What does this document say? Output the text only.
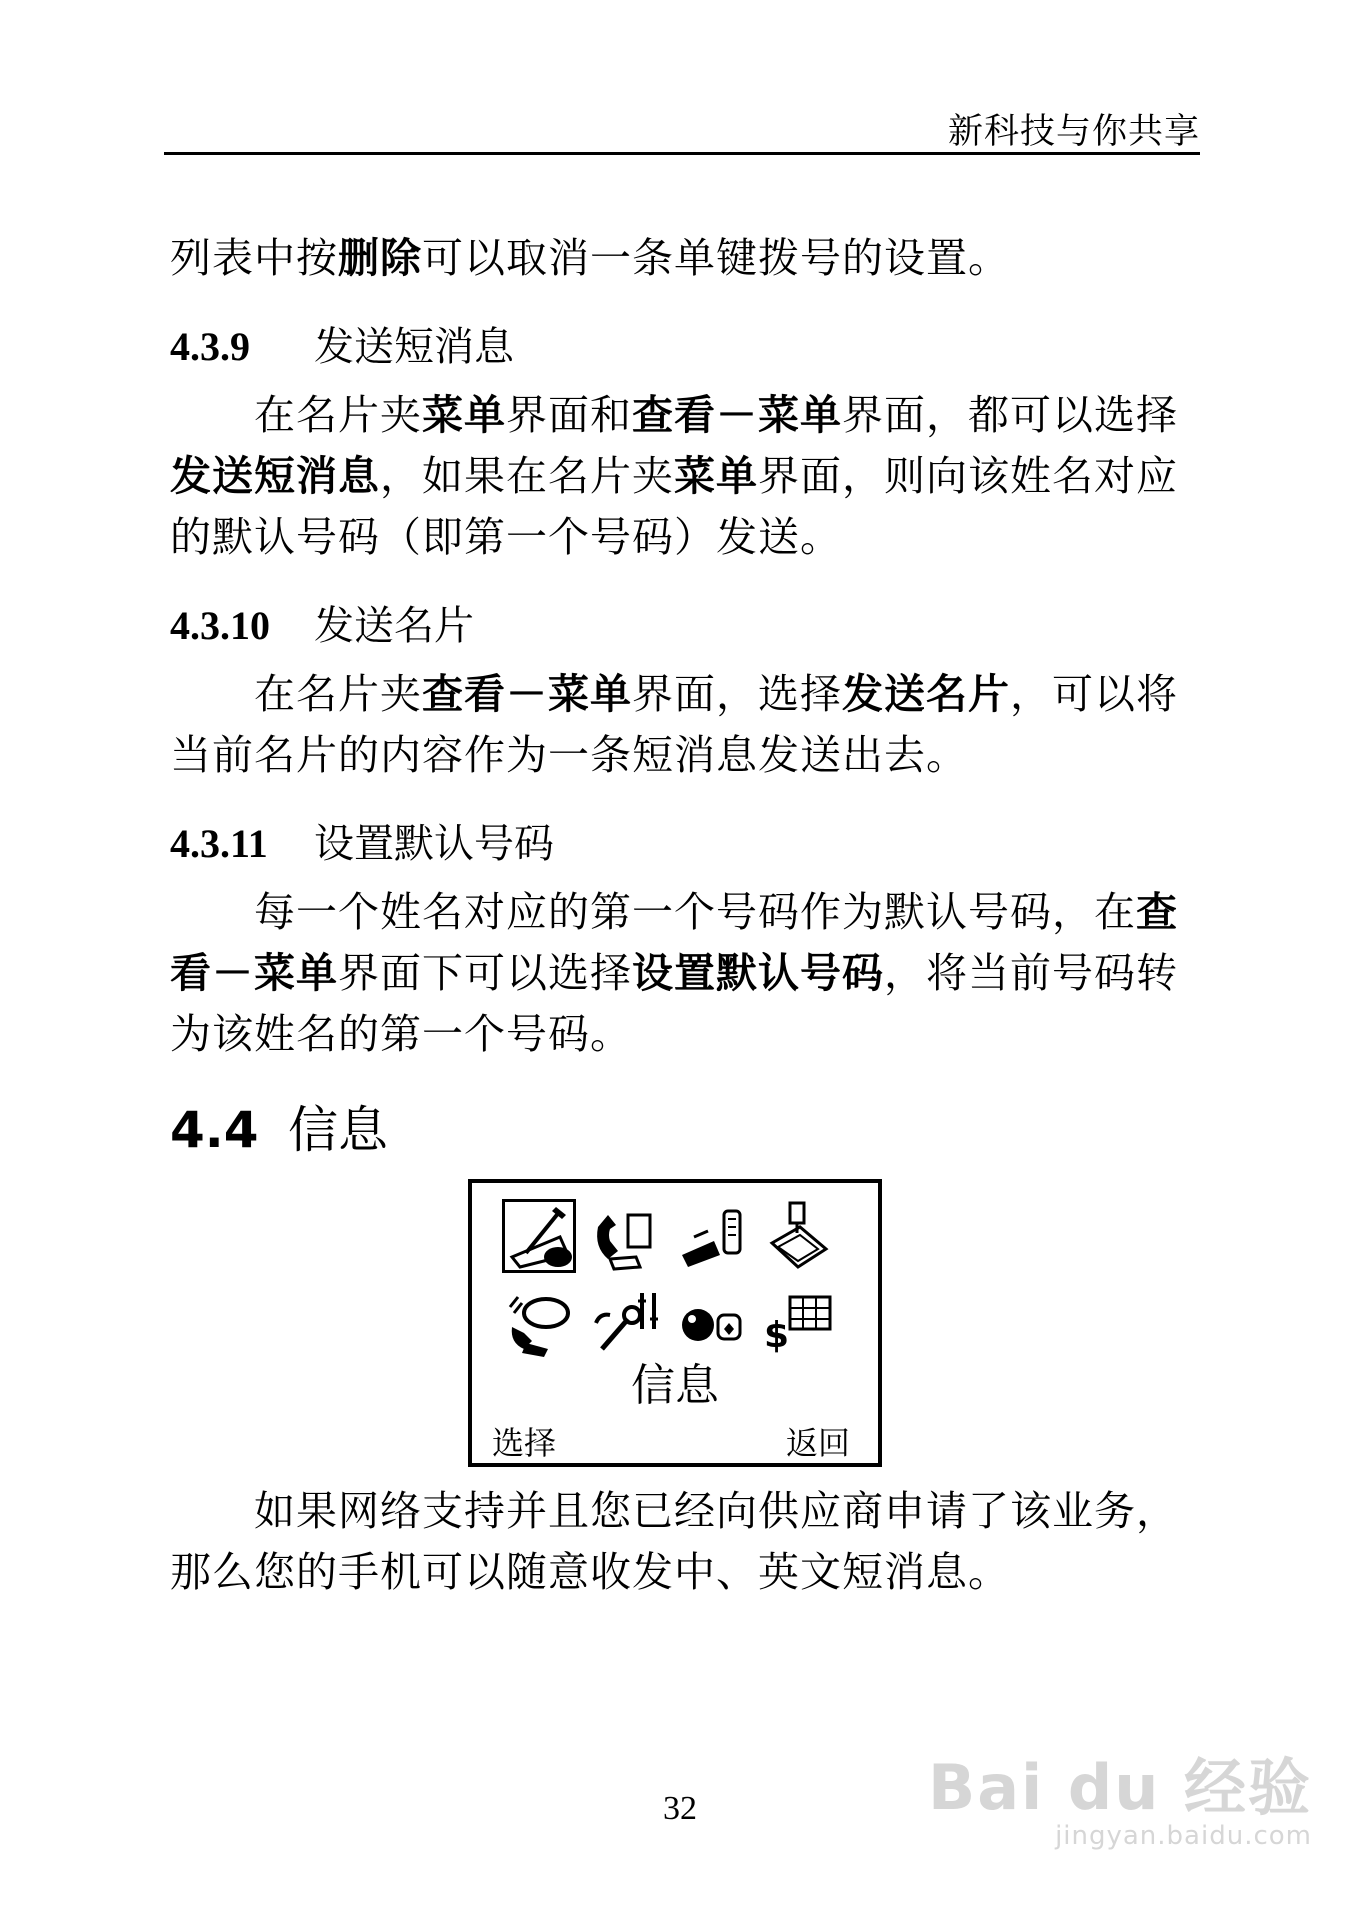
新科技与你共享

列表中按删除可以取消一条单键拨号的设置。

4.3.9 发送短消息

在名片夹菜单界面和查看－菜单界面，都可以选择发送短消息，如果在名片夹菜单界面，则向该姓名对应的默认号码（即第一个号码）发送。

4.3.10 发送名片

在名片夹查看－菜单界面，选择发送名片，可以将当前名片的内容作为一条短消息发送出去。

4.3.11 设置默认号码

每一个姓名对应的第一个号码作为默认号码，在查看－菜单界面下可以选择设置默认号码，将当前号码转为该姓名的第一个号码。

4.4 信息
$
信息
选择	返回

如果网络支持并且您已经向供应商申请了该业务，那么您的手机可以随意收发中、英文短消息。

32	Bai du 经验
jingyan.baidu.com
